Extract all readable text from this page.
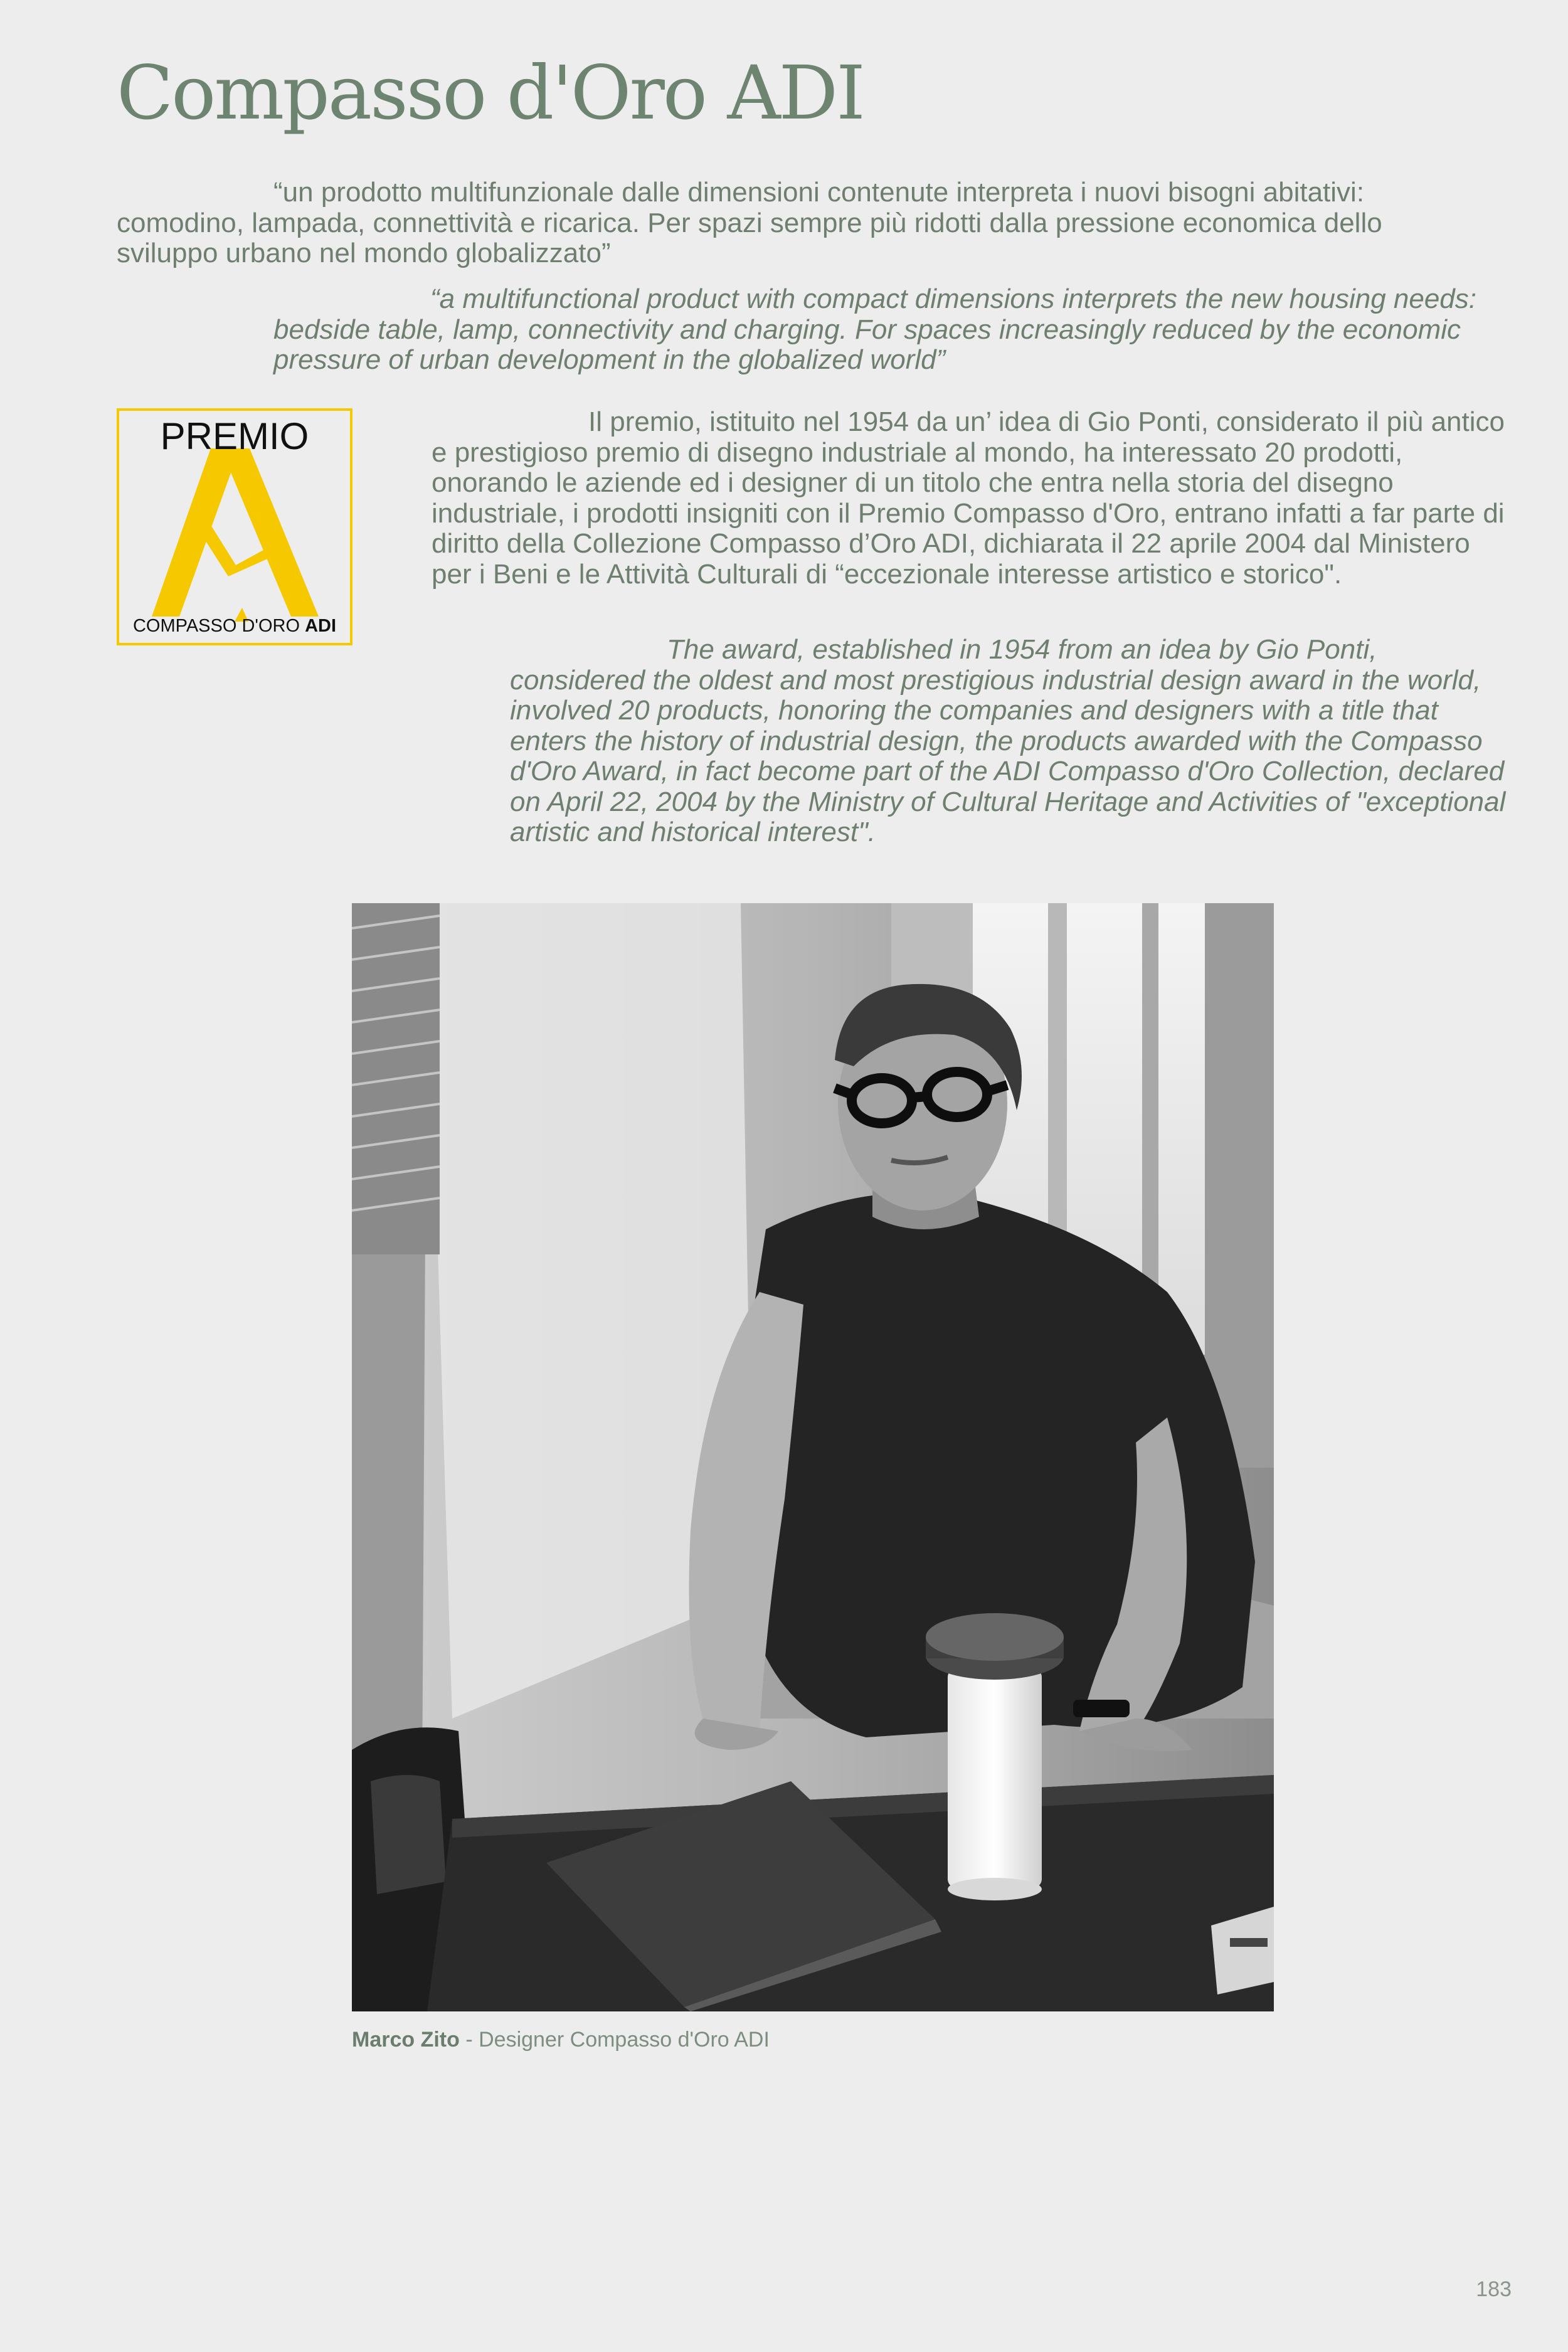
Compasso d'Oro ADI

“un prodotto multifunzionale dalle dimensioni contenute interpreta i nuovi bisogni abitativi: comodino, lampada, connettività e ricarica. Per spazi sempre più ridotti dalla pressione economica dello sviluppo urbano nel mondo globalizzato”

“a multifunctional product with compact dimensions interprets the new housing needs: bedside table, lamp, connectivity and charging. For spaces increasingly reduced by the economic pressure of urban development in the globalized world”

PREMIO
COMPASSO D'ORO ADI

Il premio, istituito nel 1954 da un’ idea di Gio Ponti, considerato il più antico e prestigioso premio di disegno industriale al mondo, ha interessato 20 prodotti, onorando le aziende ed i designer di un titolo che entra nella storia del disegno industriale, i prodotti insigniti con il Premio Compasso d'Oro, entrano infatti a far parte di diritto della Collezione Compasso d’Oro ADI, dichiarata il 22 aprile 2004 dal Ministero per i Beni e le Attività Culturali di “eccezionale interesse artistico e storico".

The award, established in 1954 from an idea by Gio Ponti, considered the oldest and most prestigious industrial design award in the world, involved 20 products, honoring the companies and designers with a title that enters the history of industrial design, the products awarded with the Compasso d'Oro Award, in fact become part of the ADI Compasso d'Oro Collection, declared on April 22, 2004 by the Ministry of Cultural Heritage and Activities of "exceptional artistic and historical interest".

Marco Zito - Designer Compasso d'Oro ADI

183
